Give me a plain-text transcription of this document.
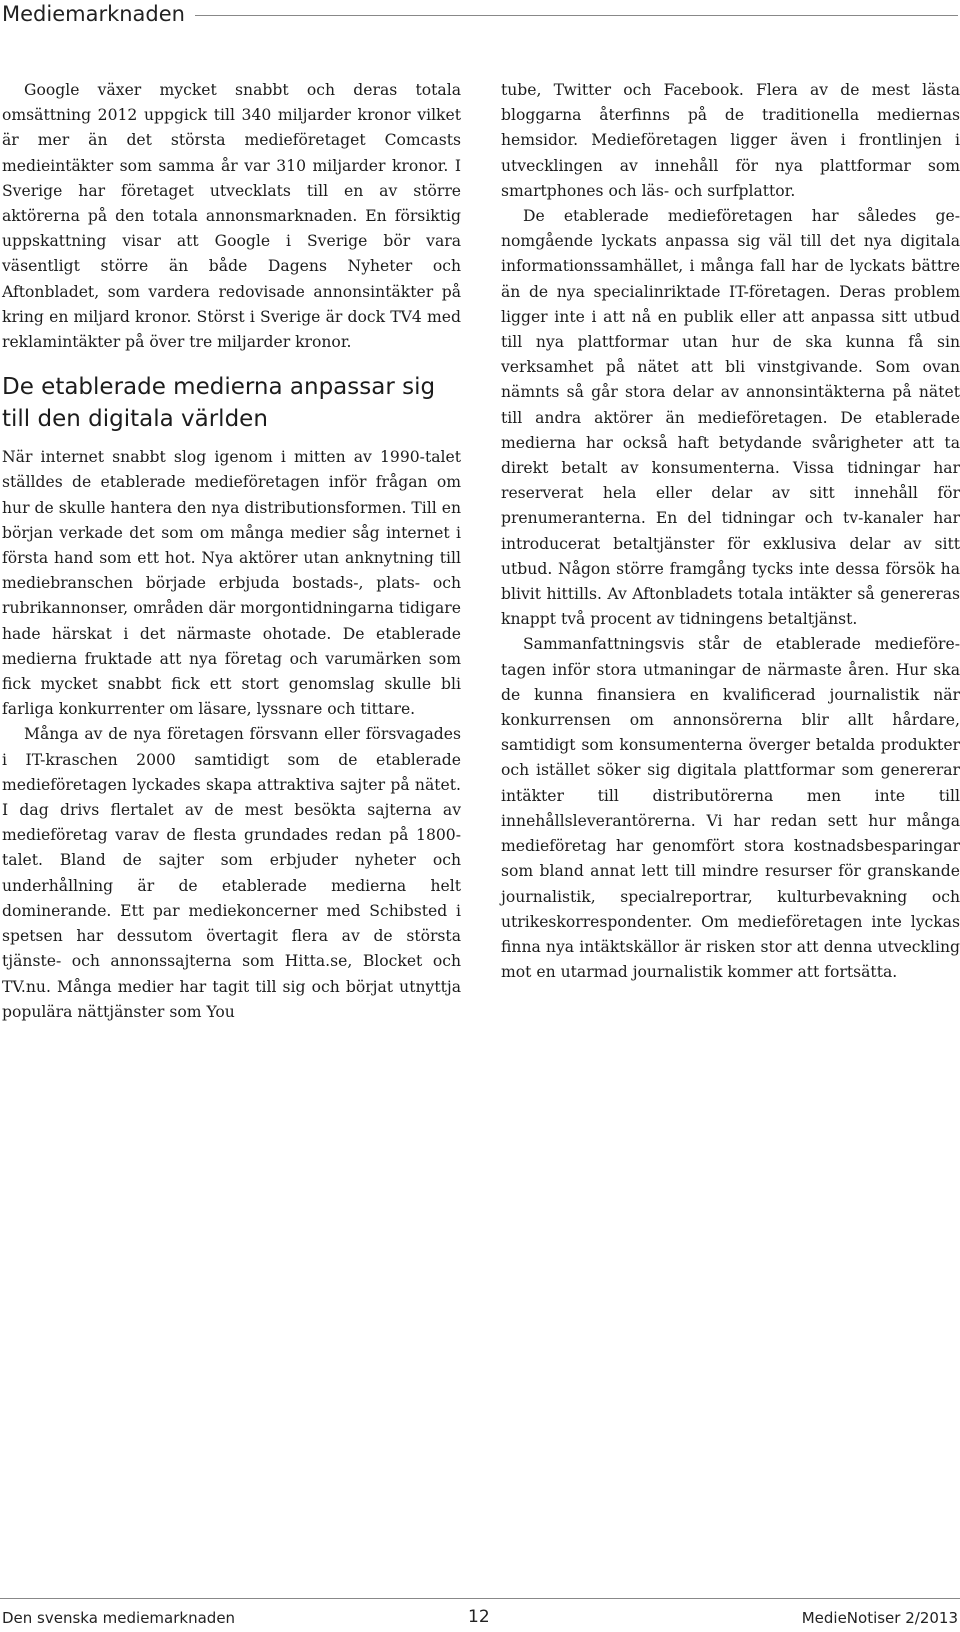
Mediemarknaden

Google växer mycket snabbt och deras totala omsättning 2012 uppgick till 340 miljarder kronor vilket är mer än det största medieföretaget Comcasts medieintäkter som samma år var 310 miljarder kronor. I Sverige har företaget utvecklats till en av större aktörerna på den totala annonsmarknaden. En försiktig uppskattning visar att Google i Sverige bör vara väsentligt större än både Dagens Nyheter och Aftonbladet, som vardera redovisade annonsintäkter på kring en miljard kronor. Störst i Sverige är dock TV4 med reklamintäkter på över tre miljarder kronor.

De etablerade medierna anpassar sig till den digitala världen

När internet snabbt slog igenom i mitten av 1990-talet ställdes de etablerade medieföretagen inför frågan om hur de skulle hantera den nya distributionsformen. Till en början verkade det som om många medier såg internet i första hand som ett hot. Nya aktörer utan anknytning till mediebranschen började erbjuda bostads-, plats- och rubrikannonser, områden där morgontidningarna tidigare hade härskat i det närmaste ohotade. De etablerade medierna fruktade att nya företag och varumärken som fick mycket snabbt fick ett stort genomslag skulle bli farliga konkurrenter om läsare, lyssnare och tittare.

Många av de nya företagen försvann eller försvagades i IT-kraschen 2000 samtidigt som de etablerade medieföretagen lyckades skapa attraktiva sajter på nätet. I dag drivs flertalet av de mest besökta sajterna av medieföretag varav de flesta grundades redan på 1800-talet. Bland de sajter som erbjuder nyheter och underhållning är de etablerade medierna helt dominerande. Ett par mediekoncerner med Schibsted i spetsen har dessutom övertagit flera av de största tjänste- och annonssajterna som Hitta.se, Blocket och TV.nu. Många medier har tagit till sig och börjat utnyttja populära nättjänster som You

tube, Twitter och Facebook. Flera av de mest lästa bloggarna återfinns på de traditionella mediernas hemsidor. Medieföretagen ligger även i frontlinjen i utvecklingen av innehåll för nya plattformar som smartphones och läs- och surfplattor.

De etablerade medieföretagen har således genomgående lyckats anpassa sig väl till det nya digitala informationssamhället, i många fall har de lyckats bättre än de nya specialinriktade IT-företagen. Deras problem ligger inte i att nå en publik eller att anpassa sitt utbud till nya plattformar utan hur de ska kunna få sin verksamhet på nätet att bli vinstgivande. Som ovan nämnts så går stora delar av annonsintäkterna på nätet till andra aktörer än medieföretagen. De etablerade medierna har också haft betydande svårigheter att ta direkt betalt av konsumenterna. Vissa tidningar har reserverat hela eller delar av sitt innehåll för prenumeranterna. En del tidningar och tv-kanaler har introducerat betaltjänster för exklusiva delar av sitt utbud. Någon större framgång tycks inte dessa försök ha blivit hittills. Av Aftonbladets totala intäkter så genereras knappt två procent av tidningens betaltjänst.

Sammanfattningsvis står de etablerade medieföretagen inför stora utmaningar de närmaste åren. Hur ska de kunna finansiera en kvalificerad journalistik när konkurrensen om annonsörerna blir allt hårdare, samtidigt som konsumenterna överger betalda produkter och istället söker sig digitala plattformar som genererar intäkter till distributörerna men inte till innehållsleverantörerna. Vi har redan sett hur många medieföretag har genomfört stora kostnadsbesparingar som bland annat lett till mindre resurser för granskande journalistik, specialreportrar, kulturbevakning och utrikeskorrespondenter. Om medieföretagen inte lyckas finna nya intäktskällor är risken stor att denna utveckling mot en utarmad journalistik kommer att fortsätta.

Den svenska mediemarknaden	12	MedieNotiser 2/2013
